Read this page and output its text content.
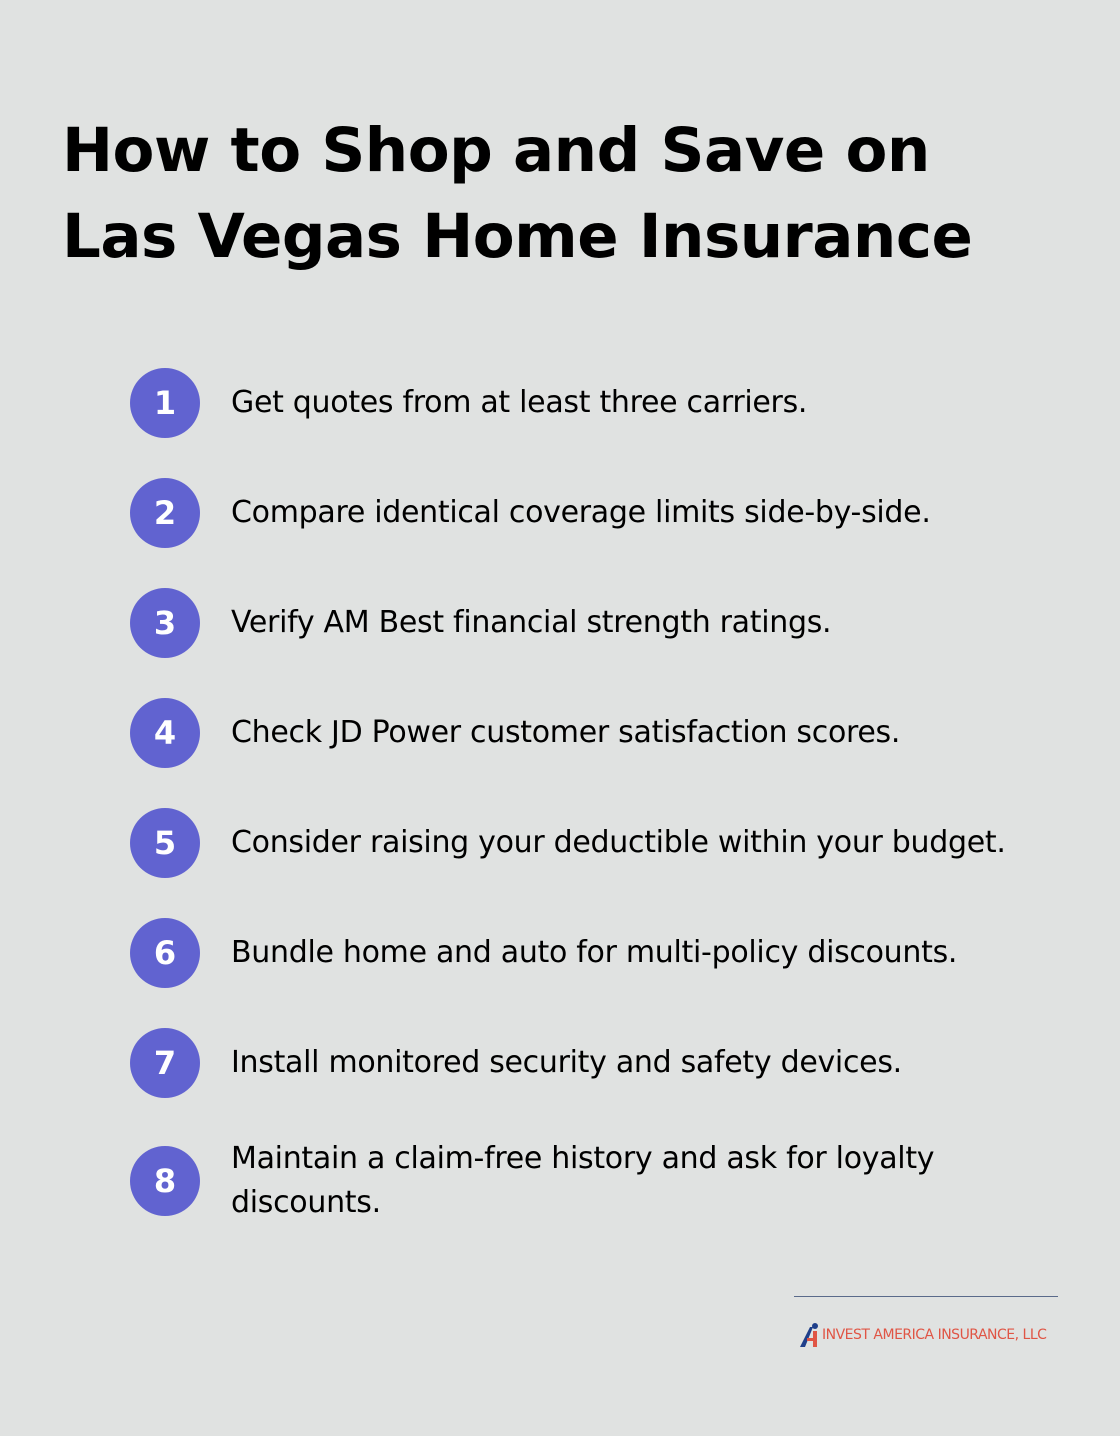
How to Shop and Save on Las Vegas Home Insurance
1	Get quotes from at least three carriers.
2	Compare identical coverage limits side-by-side.
3	Verify AM Best financial strength ratings.
4	Check JD Power customer satisfaction scores.
5	Consider raising your deductible within your budget.
6	Bundle home and auto for multi-policy discounts.
7	Install monitored security and safety devices.
8
Maintain a claim-free history and ask for loyalty discounts.
INVEST AMERICA INSURANCE, LLC
